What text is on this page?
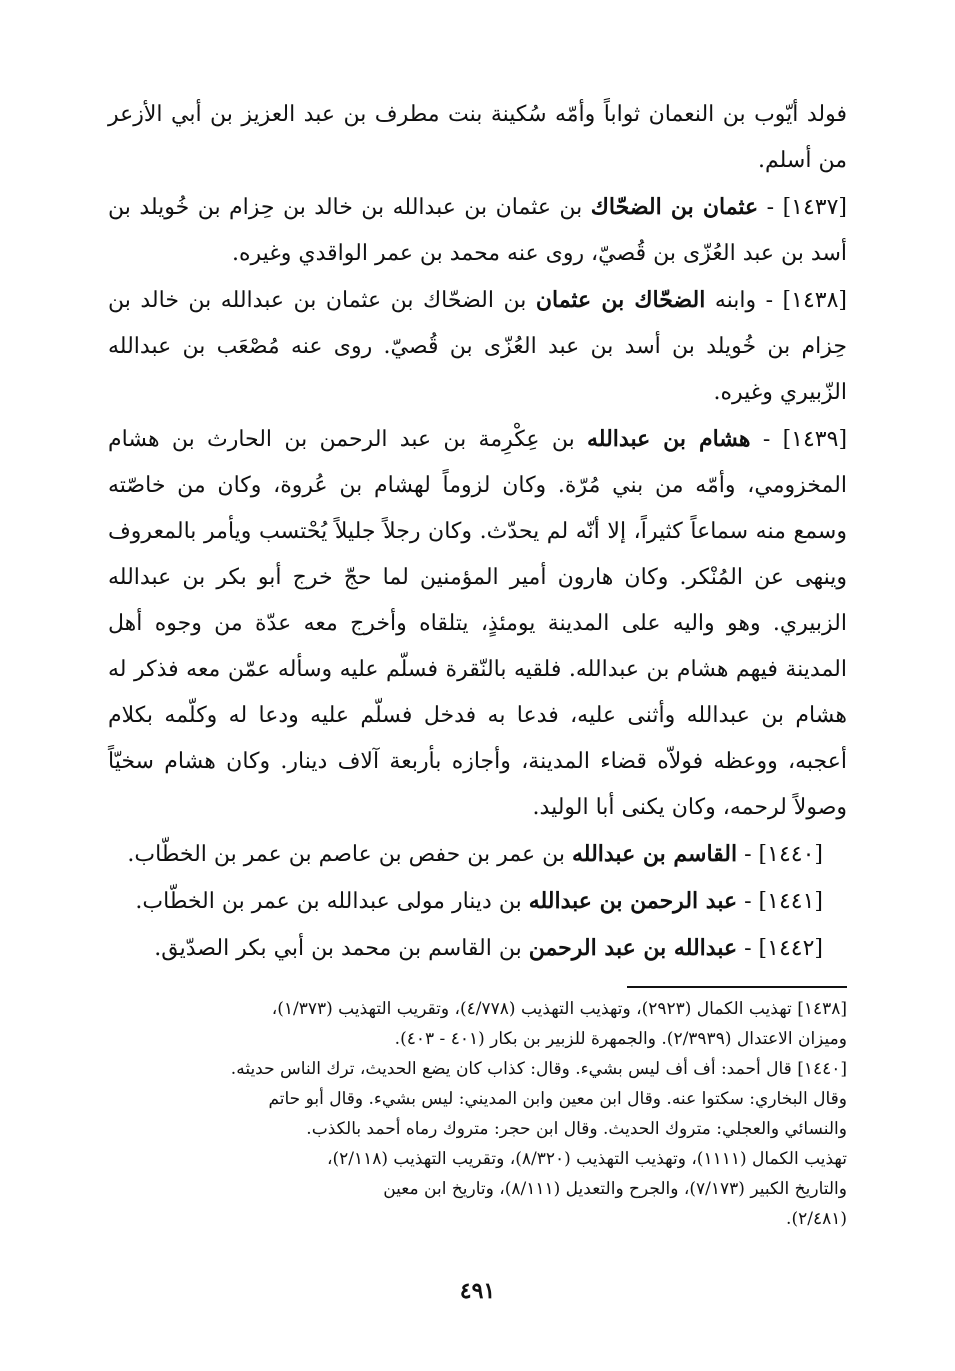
فولد أيّوب بن النعمان ثواباً وأمّه سُكينة بنت مطرف بن عبد العزيز بن أبي الأزعر من أسلم.

[١٤٣٧] - عثمان بن الضحّاك بن عثمان بن عبدالله بن خالد بن حِزام بن خُويلد بن أسد بن عبد العُزّى بن قُصيّ، روى عنه محمد بن عمر الواقدي وغيره.

[١٤٣٨] - وابنه الضحّاك بن عثمان بن الضحّاك بن عثمان بن عبدالله بن خالد بن حِزام بن خُويلد بن أسد بن عبد العُزّى بن قُصيّ. روى عنه مُصْعَب بن عبدالله الزّبيري وغيره.

[١٤٣٩] - هشام بن عبدالله بن عِكْرِمة بن عبد الرحمن بن الحارث بن هشام المخزومي، وأمّه من بني مُرّة. وكان لزوماً لهشام بن عُروة، وكان من خاصّته وسمع منه سماعاً كثيراً، إلا أنّه لم يحدّث. وكان رجلاً جليلاً يُحْتسب ويأمر بالمعروف وينهى عن المُنْكر. وكان هارون أمير المؤمنين لما حجّ خرج أبو بكر بن عبدالله الزبيري. وهو واليه على المدينة يومئذٍ، يتلقاه وأخرج معه عدّة من وجوه أهل المدينة فيهم هشام بن عبدالله. فلقيه بالنّقرة فسلّم عليه وسأله عمّن معه فذكر له هشام بن عبدالله وأثنى عليه، فدعا به فدخل فسلّم عليه ودعا له وكلّمه بكلام أعجبه، ووعظه فولاّه قضاء المدينة، وأجازه بأربعة آلاف دينار. وكان هشام سخيّاً وصولاً لرحمه، وكان يكنى أبا الوليد.

[١٤٤٠] - القاسم بن عبدالله بن عمر بن حفص بن عاصم بن عمر بن الخطّاب.

[١٤٤١] - عبد الرحمن بن عبدالله بن دينار مولى عبدالله بن عمر بن الخطّاب.

[١٤٤٢] - عبدالله بن عبد الرحمن بن القاسم بن محمد بن أبي بكر الصدّيق.

[١٤٣٨] تهذيب الكمال (٢٩٢٣)، وتهذيب التهذيب (٤/٧٧٨)، وتقريب التهذيب (١/٣٧٣)،
وميزان الاعتدال (٢/٣٩٣٩). والجمهرة للزبير بن بكار (٤٠١ - ٤٠٣).

[١٤٤٠] قال أحمد: أف أف ليس بشيء. وقال: كذاب كان يضع الحديث، ترك الناس حديثه.
وقال البخاري: سكتوا عنه. وقال ابن معين وابن المديني: ليس بشيء. وقال أبو حاتم
والنسائي والعجلي: متروك الحديث. وقال ابن حجر: متروك رماه أحمد بالكذب.
تهذيب الكمال (١١١١)، وتهذيب التهذيب (٨/٣٢٠)، وتقريب التهذيب (٢/١١٨)،
والتاريخ الكبير (٧/١٧٣)، والجرح والتعديل (٨/١١١)، وتاريخ ابن معين
(٢/٤٨١).

٤٩١
